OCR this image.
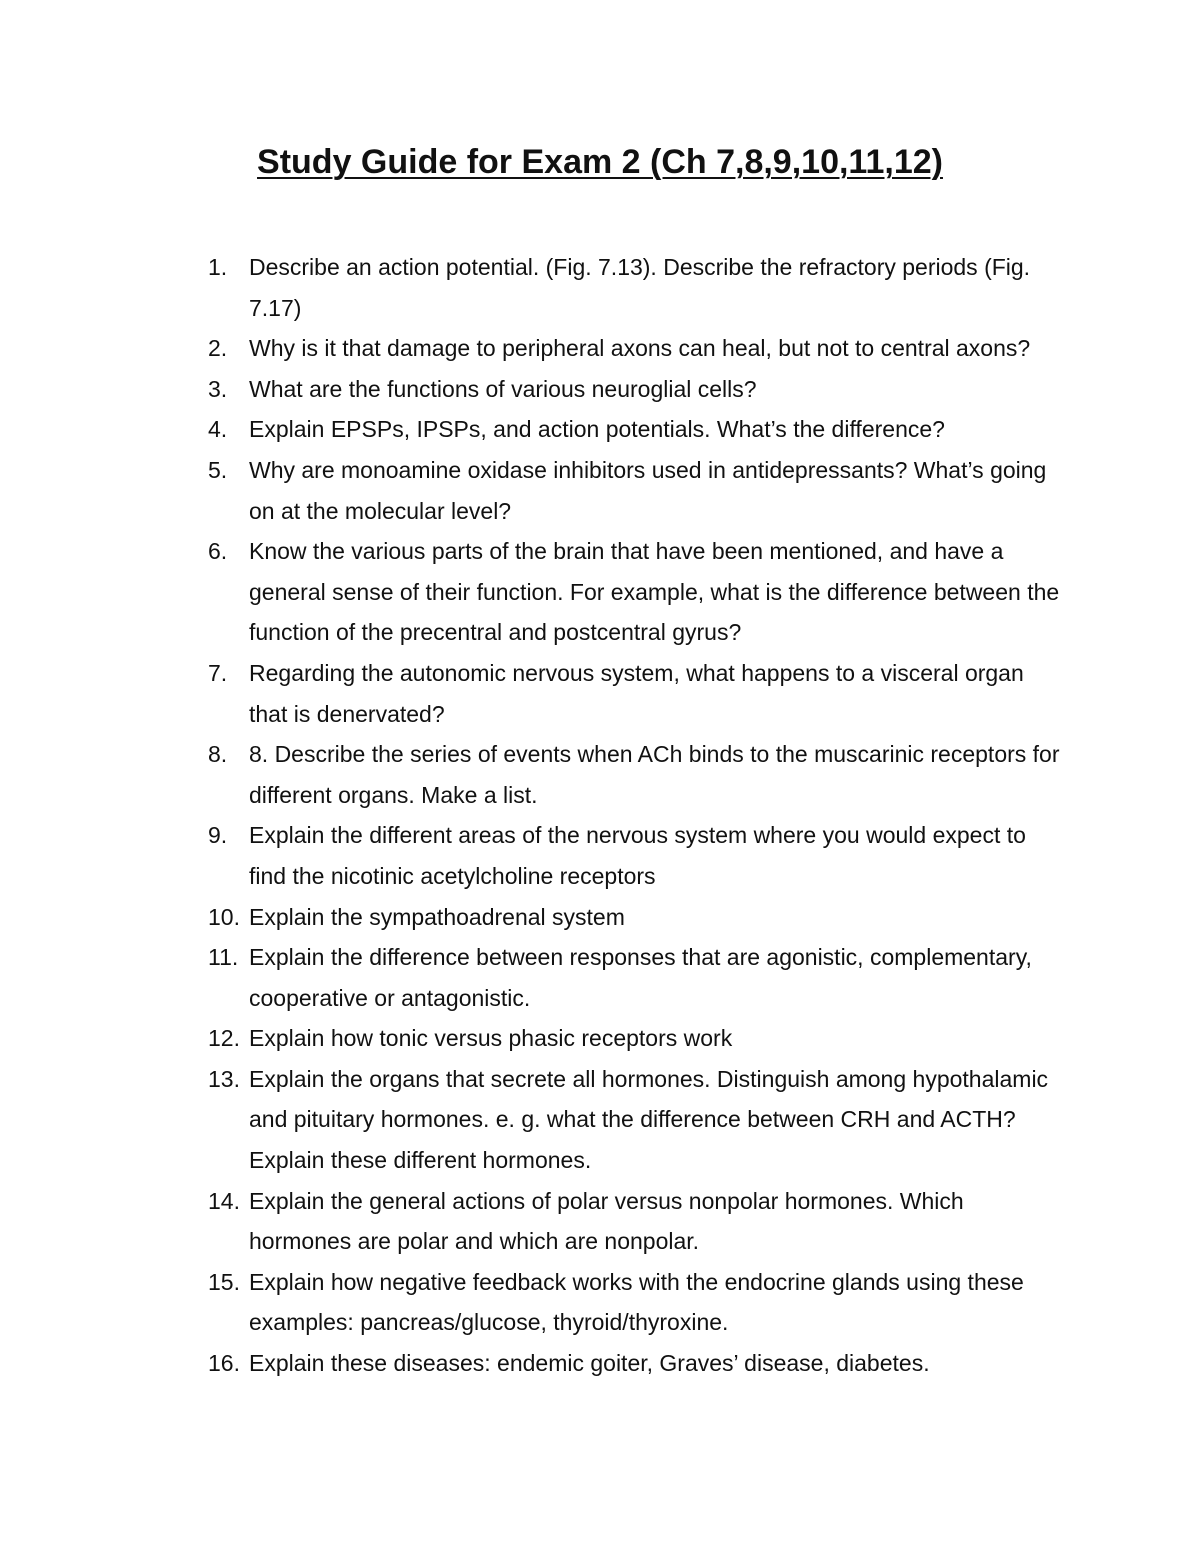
Study Guide for Exam 2 (Ch 7,8,9,10,11,12)
1. Describe an action potential. (Fig. 7.13). Describe the refractory periods (Fig. 7.17)
2. Why is it that damage to peripheral axons can heal, but not to central axons?
3. What are the functions of various neuroglial cells?
4. Explain EPSPs, IPSPs, and action potentials. What’s the difference?
5. Why are monoamine oxidase inhibitors used in antidepressants? What’s going on at the molecular level?
6. Know the various parts of the brain that have been mentioned, and have a general sense of their function. For example, what is the difference between the function of the precentral and postcentral gyrus?
7. Regarding the autonomic nervous system, what happens to a visceral organ that is denervated?
8. 8. Describe the series of events when ACh binds to the muscarinic receptors for different organs. Make a list.
9. Explain the different areas of the nervous system where you would expect to find the nicotinic acetylcholine receptors
10. Explain the sympathoadrenal system
11. Explain the difference between responses that are agonistic, complementary, cooperative or antagonistic.
12. Explain how tonic versus phasic receptors work
13. Explain the organs that secrete all hormones. Distinguish among hypothalamic and pituitary hormones. e. g. what the difference between CRH and ACTH? Explain these different hormones.
14. Explain the general actions of polar versus nonpolar hormones. Which hormones are polar and which are nonpolar.
15. Explain how negative feedback works with the endocrine glands using these examples: pancreas/glucose, thyroid/thyroxine.
16. Explain these diseases: endemic goiter, Graves’ disease, diabetes.
